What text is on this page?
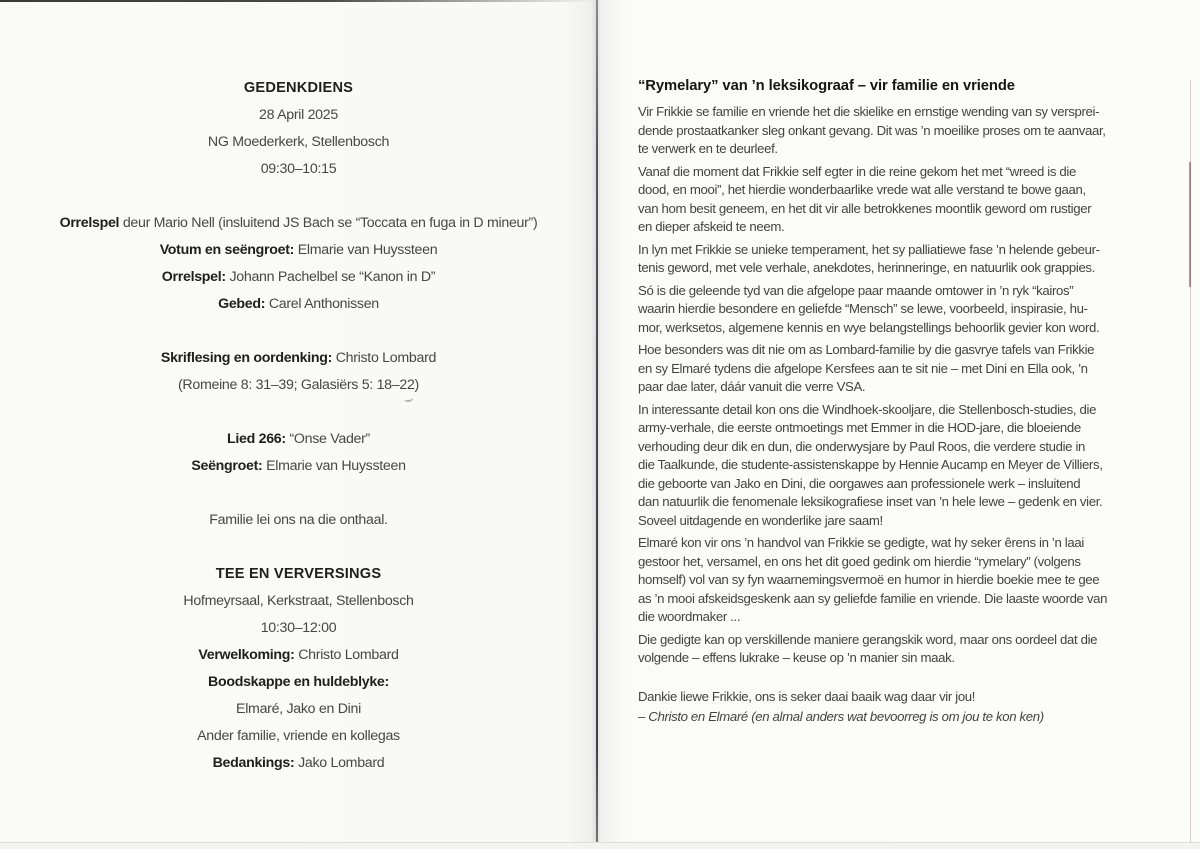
GEDENKDIENS
28 April 2025
NG Moederkerk, Stellenbosch
09:30–10:15
Orrelspel deur Mario Nell (insluitend JS Bach se “Toccata en fuga in D mineur”)
Votum en seëngroet: Elmarie van Huyssteen
Orrelspel: Johann Pachelbel se “Kanon in D”
Gebed: Carel Anthonissen
Skriflesing en oordenking: Christo Lombard
(Romeine 8: 31–39; Galasiërs 5: 18–22)
Lied 266: “Onse Vader”
Seëngroet: Elmarie van Huyssteen
Familie lei ons na die onthaal.
TEE EN VERVERSINGS
Hofmeyrsaal, Kerkstraat, Stellenbosch
10:30–12:00
Verwelkoming: Christo Lombard
Boodskappe en huldeblyke:
Elmaré, Jako en Dini
Ander familie, vriende en kollegas
Bedankings: Jako Lombard
“Rymelary” van ’n leksikograaf – vir familie en vriende
Vir Frikkie se familie en vriende het die skielike en ernstige wending van sy versprei-
dende prostaatkanker sleg onkant gevang. Dit was ’n moeilike proses om te aanvaar,
te verwerk en te deurleef.
Vanaf die moment dat Frikkie self egter in die reine gekom het met “wreed is die
dood, en mooi”, het hierdie wonderbaarlike vrede wat alle verstand te bowe gaan,
van hom besit geneem, en het dit vir alle betrokkenes moontlik geword om rustiger
en dieper afskeid te neem.
In lyn met Frikkie se unieke temperament, het sy palliatiewe fase ’n helende gebeur-
tenis geword, met vele verhale, anekdotes, herinneringe, en natuurlik ook grappies.
Só is die geleende tyd van die afgelope paar maande omtower in ’n ryk “kairos”
waarin hierdie besondere en geliefde “Mensch” se lewe, voorbeeld, inspirasie, hu-
mor, werksetos, algemene kennis en wye belangstellings behoorlik gevier kon word.
Hoe besonders was dit nie om as Lombard-familie by die gasvrye tafels van Frikkie
en sy Elmaré tydens die afgelope Kersfees aan te sit nie – met Dini en Ella ook, ’n
paar dae later, dáár vanuit die verre VSA.
In interessante detail kon ons die Windhoek-skooljare, die Stellenbosch-studies, die
army-verhale, die eerste ontmoetings met Emmer in die HOD-jare, die bloeiende
verhouding deur dik en dun, die onderwysjare by Paul Roos, die verdere studie in
die Taalkunde, die studente-assistenskappe by Hennie Aucamp en Meyer de Villiers,
die geboorte van Jako en Dini, die oorgawes aan professionele werk – insluitend
dan natuurlik die fenomenale leksikografiese inset van ’n hele lewe – gedenk en vier.
Soveel uitdagende en wonderlike jare saam!
Elmaré kon vir ons ’n handvol van Frikkie se gedigte, wat hy seker êrens in ’n laai
gestoor het, versamel, en ons het dit goed gedink om hierdie “rymelary” (volgens
homself) vol van sy fyn waarnemingsvermoë en humor in hierdie boekie mee te gee
as ’n mooi afskeidsgeskenk aan sy geliefde familie en vriende. Die laaste woorde van
die woordmaker ...
Die gedigte kan op verskillende maniere gerangskik word, maar ons oordeel dat die
volgende – effens lukrake – keuse op ’n manier sin maak.
Dankie liewe Frikkie, ons is seker daai baaik wag daar vir jou!
– Christo en Elmaré (en almal anders wat bevoorreg is om jou te kon ken)
